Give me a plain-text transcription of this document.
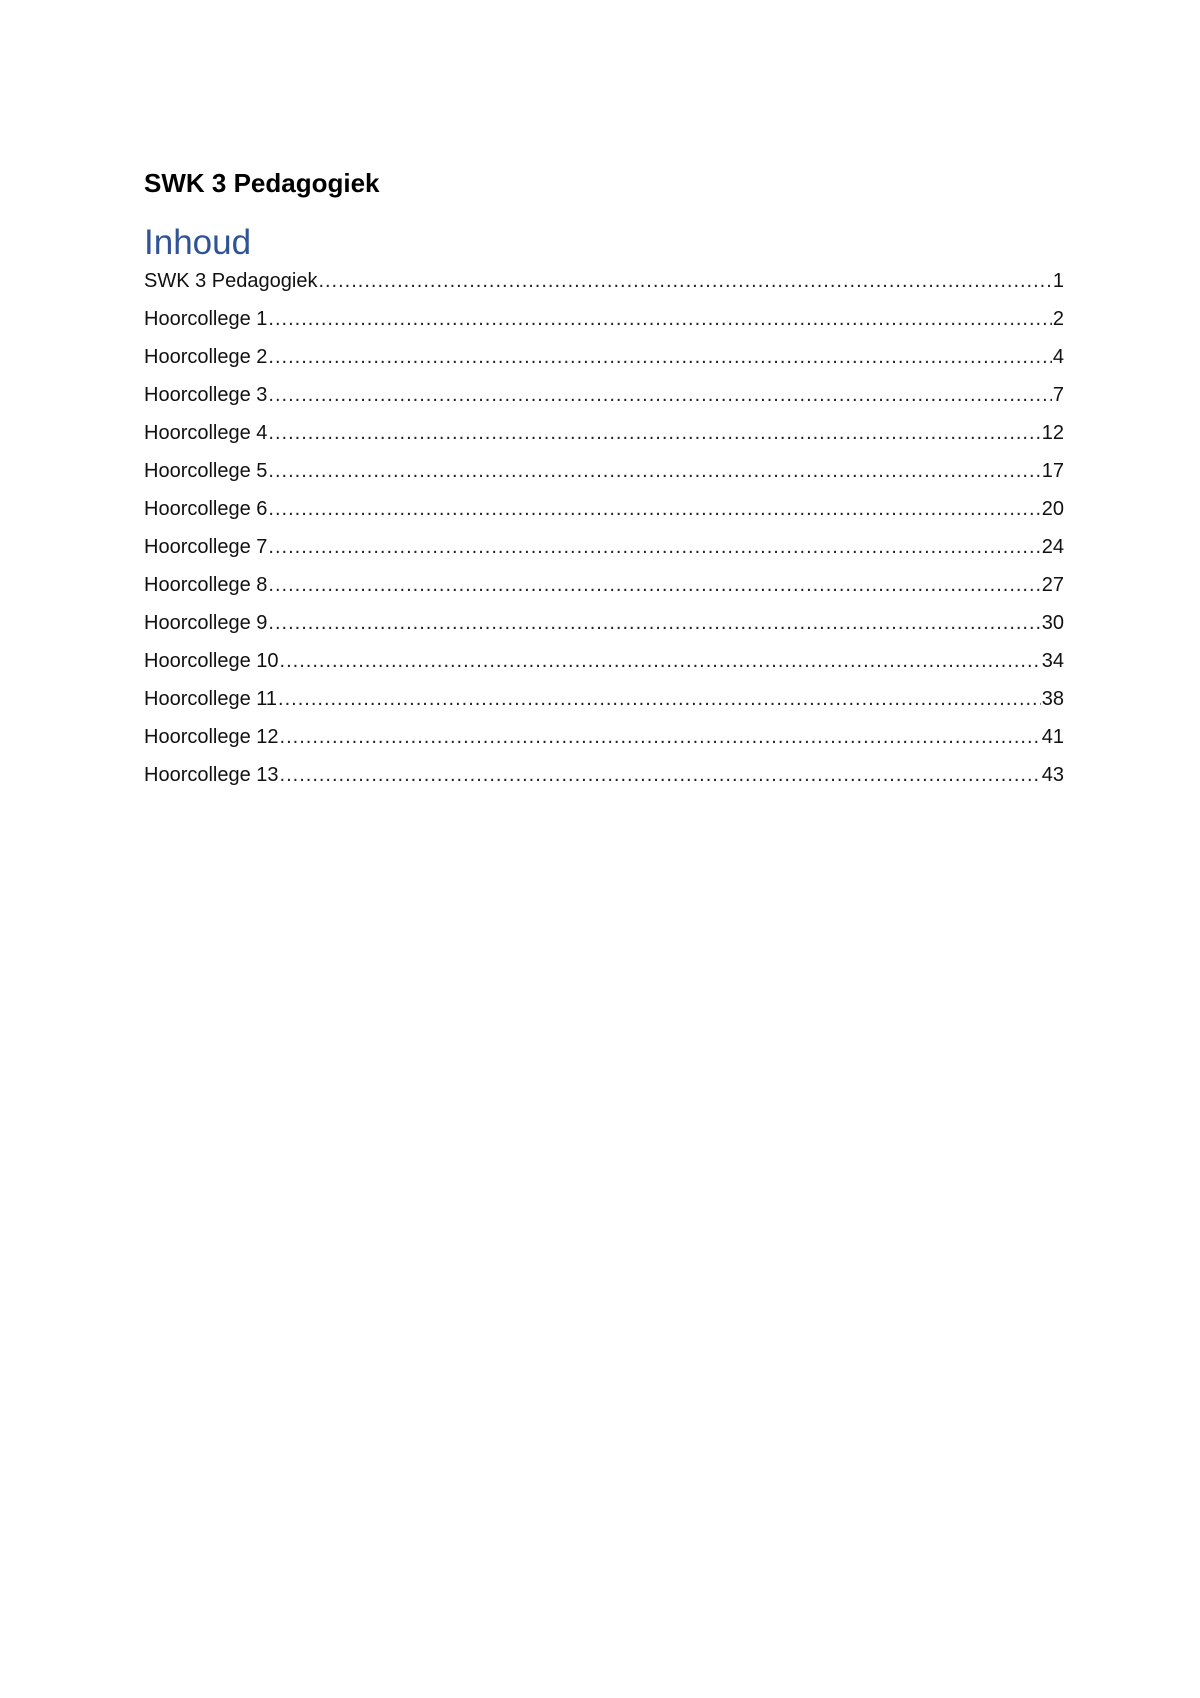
SWK 3 Pedagogiek
Inhoud
SWK 3 Pedagogiek .....	1
Hoorcollege 1 .....	2
Hoorcollege 2 .....	4
Hoorcollege 3 .....	7
Hoorcollege 4 .....	12
Hoorcollege 5 .....	17
Hoorcollege 6 .....	20
Hoorcollege 7 .....	24
Hoorcollege 8 .....	27
Hoorcollege 9 .....	30
Hoorcollege 10 .....	34
Hoorcollege 11 .....	38
Hoorcollege 12 .....	41
Hoorcollege 13 .....	43
